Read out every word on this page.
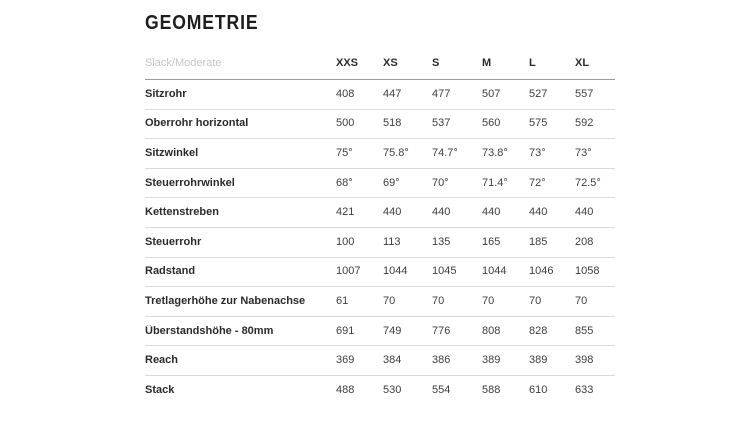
GEOMETRIE
Slack/Moderate	XXS	XS	S	M	L	XL
Sitzrohr	408	447	477	507	527	557
Oberrohr horizontal	500	518	537	560	575	592
Sitzwinkel	75°	75.8°	74.7°	73.8°	73°	73°
Steuerrohrwinkel	68°	69°	70°	71.4°	72°	72.5°
Kettenstreben	421	440	440	440	440	440
Steuerrohr	100	113	135	165	185	208
Radstand	1007	1044	1045	1044	1046	1058
Tretlagerhöhe zur Nabenachse	61	70	70	70	70	70
Überstandshöhe - 80mm	691	749	776	808	828	855
Reach	369	384	386	389	389	398
Stack	488	530	554	588	610	633
